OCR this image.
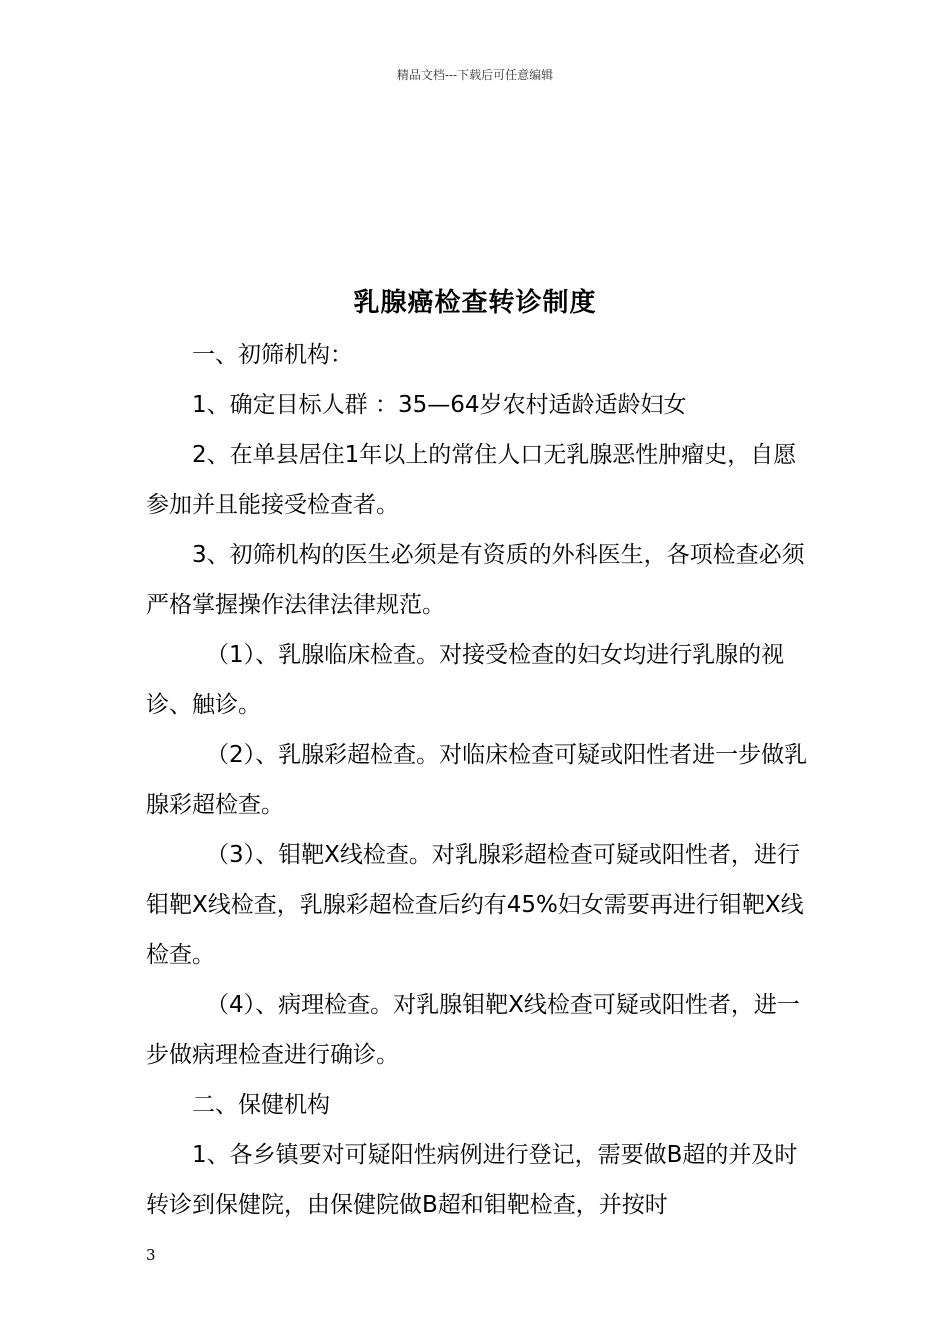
精品文档---下载后可任意编辑
乳腺癌检查转诊制度

一、初筛机构：

1、确定目标人群 ：35—64岁农村适龄适龄妇女

2、在单县居住1年以上的常住人口无乳腺恶性肿瘤史，自愿参加并且能接受检查者。

3、初筛机构的医生必须是有资质的外科医生，各项检查必须严格掌握操作法律法律规范。

（1）、乳腺临床检查。对接受检查的妇女均进行乳腺的视诊、触诊。

（2）、乳腺彩超检查。对临床检查可疑或阳性者进一步做乳腺彩超检查。

（3）、钼靶X线检查。对乳腺彩超检查可疑或阳性者，进行钼靶X线检查，乳腺彩超检查后约有45%妇女需要再进行钼靶X线检查。

（4）、病理检查。对乳腺钼靶X线检查可疑或阳性者，进一步做病理检查进行确诊。

二、保健机构

1、各乡镇要对可疑阳性病例进行登记，需要做B超的并及时转诊到保健院，由保健院做B超和钼靶检查，并按时

3
